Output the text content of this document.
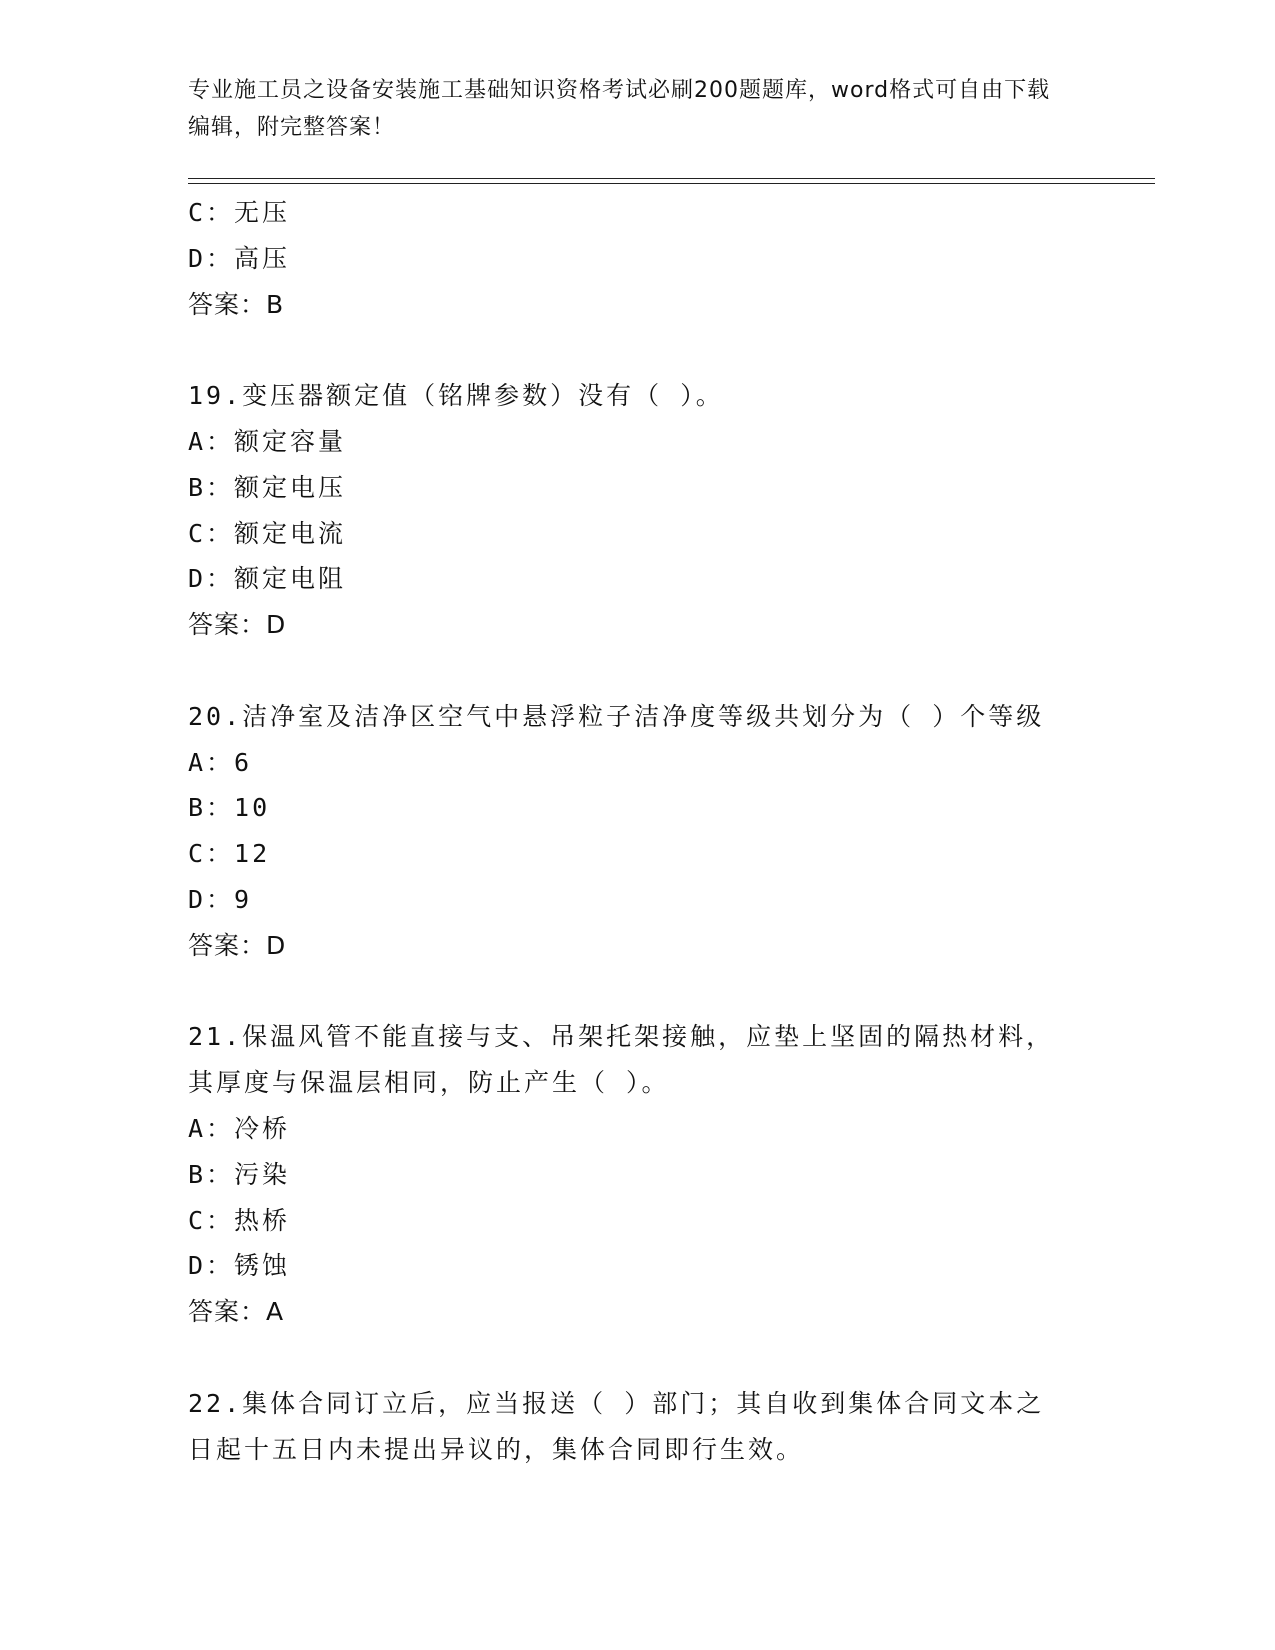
专业施工员之设备安装施工基础知识资格考试必刷200题题库，word格式可自由下载编辑，附完整答案！
C：无压
D：高压
答案：B
19.变压器额定值（铭牌参数）没有（ ）。
A：额定容量
B：额定电压
C：额定电流
D：额定电阻
答案：D
20.洁净室及洁净区空气中悬浮粒子洁净度等级共划分为（ ）个等级
A：6
B：10
C：12
D：9
答案：D
21.保温风管不能直接与支、吊架托架接触，应垫上坚固的隔热材料，
其厚度与保温层相同，防止产生（ ）。
A：冷桥
B：污染
C：热桥
D：锈蚀
答案：A
22.集体合同订立后，应当报送（ ）部门；其自收到集体合同文本之
日起十五日内未提出异议的，集体合同即行生效。
